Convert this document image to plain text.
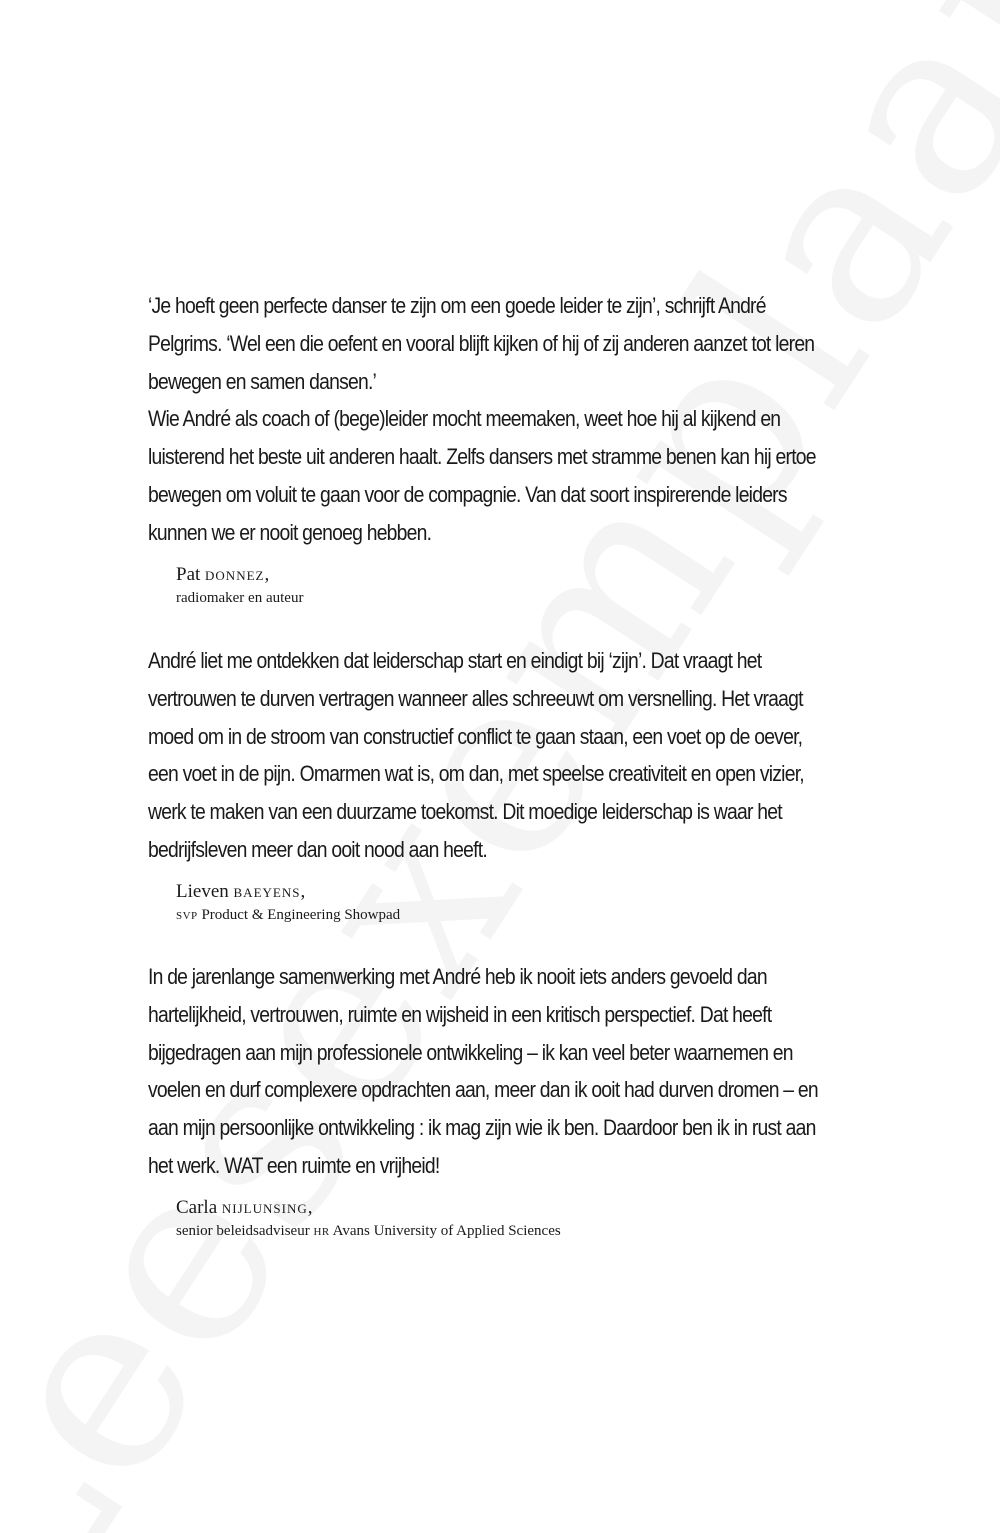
‘Je hoeft geen perfecte danser te zijn om een goede leider te zijn’, schrijft André Pelgrims. ‘Wel een die oefent en vooral blijft kijken of hij of zij anderen aanzet tot leren bewegen en samen dansen.’

Wie André als coach of (bege)leider mocht meemaken, weet hoe hij al kijkend en luisterend het beste uit anderen haalt. Zelfs dansers met stramme benen kan hij ertoe bewegen om voluit te gaan voor de compagnie. Van dat soort inspirerende leiders kunnen we er nooit genoeg hebben.

Pat donnez,
radiomaker en auteur

André liet me ontdekken dat leiderschap start en eindigt bij ‘zijn’. Dat vraagt het vertrouwen te durven vertragen wanneer alles schreeuwt om versnelling. Het vraagt moed om in de stroom van constructief conflict te gaan staan, een voet op de oever, een voet in de pijn. Omarmen wat is, om dan, met speelse creativiteit en open vizier, werk te maken van een duurzame toekomst. Dit moedige leiderschap is waar het bedrijfsleven meer dan ooit nood aan heeft.

Lieven baeyens,
svp Product & Engineering Showpad

In de jarenlange samenwerking met André heb ik nooit iets anders gevoeld dan hartelijkheid, vertrouwen, ruimte en wijsheid in een kritisch perspectief. Dat heeft bijgedragen aan mijn professionele ontwikkeling – ik kan veel beter waarnemen en voelen en durf complexere opdrachten aan, meer dan ik ooit had durven dromen – en aan mijn persoonlijke ontwikkeling : ik mag zijn wie ik ben. Daardoor ben ik in rust aan het werk. WAT een ruimte en vrijheid!

Carla nijlunsing,
senior beleidsadviseur hr Avans University of Applied Sciences
